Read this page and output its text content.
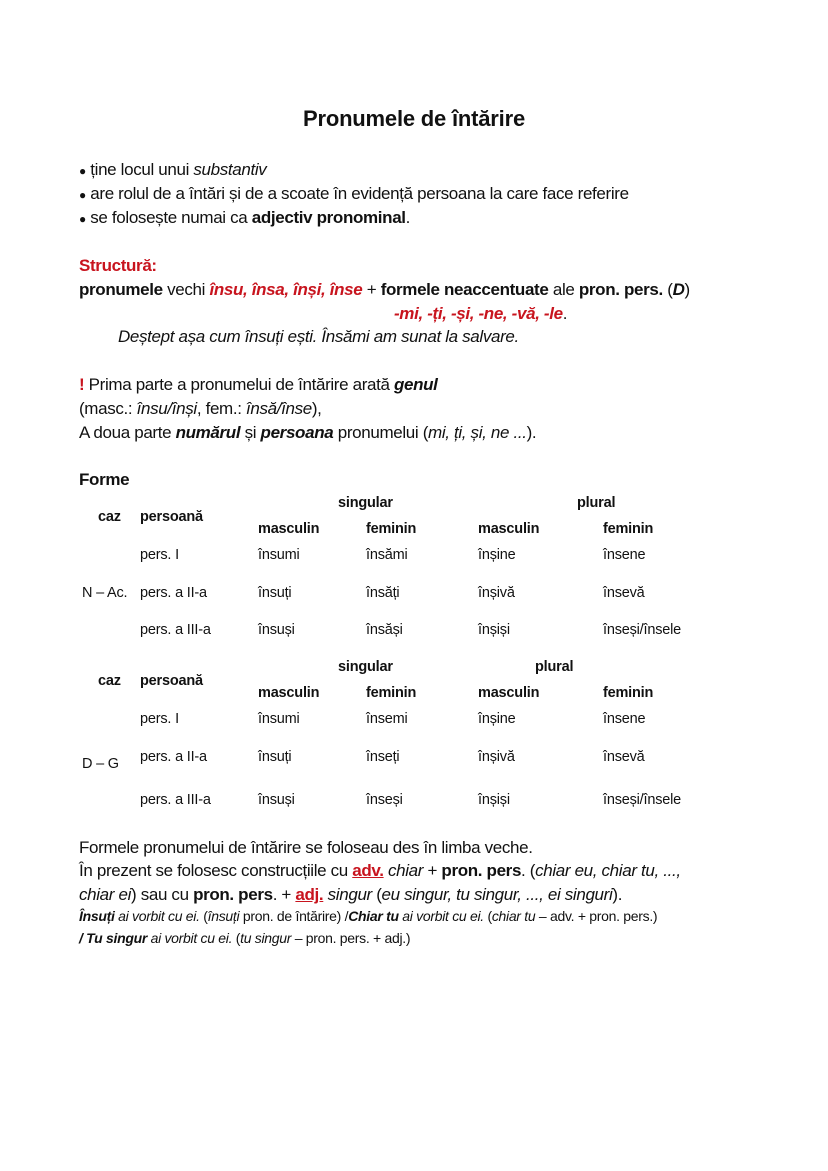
Pronumele de întărire
● ține locul unui substantiv
● are rolul de a întări și de a scoate în evidență persoana la care face referire
● se folosește numai ca adjectiv pronominal.
Structură:
pronumele vechi însu, însa, înși, înse + formele neaccentuate ale pron. pers. (D)
-mi, -ți, -și, -ne, -vă, -le.
Deștept așa cum însuți ești. Însămi am sunat la salvare.
! Prima parte a pronumelui de întărire arată genul
(masc.: însu/înși, fem.: însă/înse),
A doua parte numărul și persoana pronumelui (mi, ți, și, ne ...).
Forme
caz persoană
singular	plural
masculin	feminin	masculin	feminin
N – Ac.
pers. I	însumi	însămi	înșine	însene
pers. a II-a	însuți	însăți	înșivă	însevă
pers. a III-a	însuși	însăși	înșiși	înseși/însele
caz persoană
singular	plural
masculin	feminin	masculin	feminin
D – G
pers. I	însumi	însemi	înșine	însene
pers. a II-a	însuți	înseți	înșivă	însevă
pers. a III-a	însuși	înseși	înșiși	înseși/însele
Formele pronumelui de întărire se foloseau des în limba veche.
În prezent se folosesc construcțiile cu adv. chiar + pron. pers. (chiar eu, chiar tu, ...,
chiar ei) sau cu pron. pers. + adj. singur (eu singur, tu singur, ..., ei singuri).
Însuți ai vorbit cu ei. (însuți pron. de întărire) /Chiar tu ai vorbit cu ei. (chiar tu – adv. + pron. pers.)
/ Tu singur ai vorbit cu ei. (tu singur – pron. pers. + adj.)
